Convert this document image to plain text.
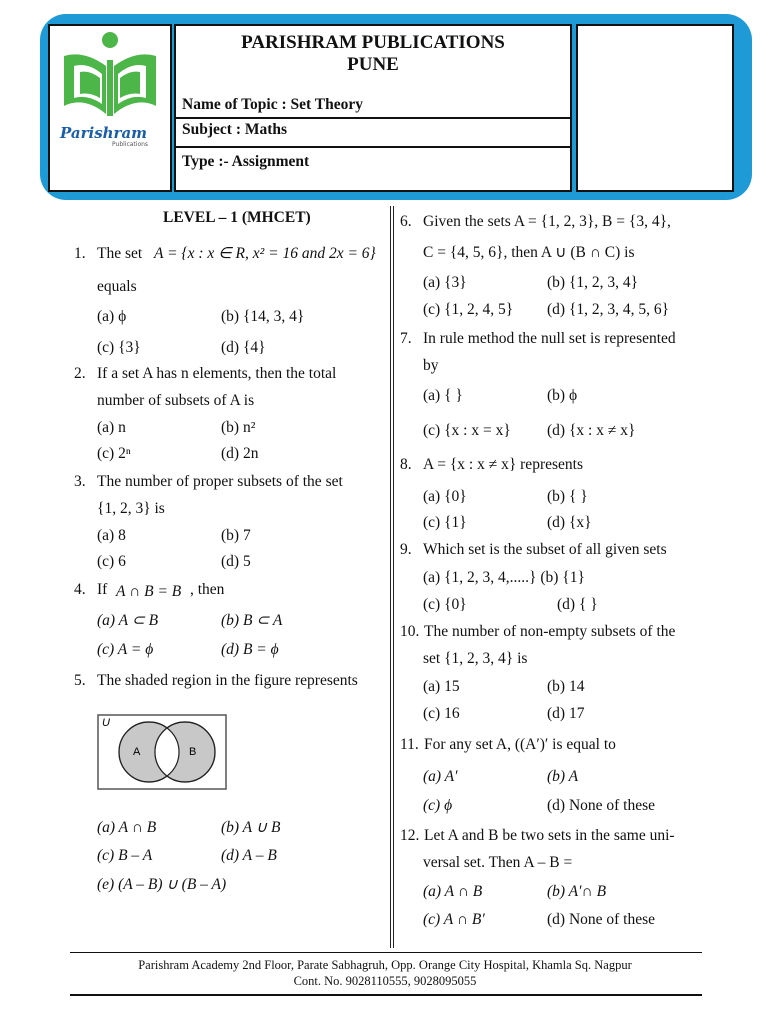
Parishram
Publications
PARISHRAM PUBLICATIONS
PUNE
Name of Topic : Set Theory
Subject : Maths
Type :- Assignment
LEVEL – 1 (MHCET)
1. The set A = {x : x ∈ R, x² = 16 and 2x = 6}
equals
(a) ϕ	(b) {14, 3, 4}
(c) {3}	(d) {4}
2. If a set A has n elements, then the total
number of subsets of A is
(a) n	(b) n²
(c) 2ⁿ	(d) 2n
3. The number of proper subsets of the set
{1, 2, 3} is
(a) 8	(b) 7
(c) 6	(d) 5
4. If A ∩ B = B , then
(a) A ⊂ B	(b) B ⊂ A
(c) A = ϕ	(d) B = ϕ
5. The shaded region in the figure represents
U
A	B
(a) A ∩ B	(b) A ∪ B
(c) B – A	(d) A – B
(e) (A – B) ∪ (B – A)
6. Given the sets A = {1, 2, 3}, B = {3, 4},
C = {4, 5, 6}, then A ∪ (B ∩ C) is
(a) {3}	(b) {1, 2, 3, 4}
(c) {1, 2, 4, 5} (d) {1, 2, 3, 4, 5, 6}
7. In rule method the null set is represented
by
(a) { }	(b) ϕ
(c) {x : x = x} (d) {x : x ≠ x}
8. A = {x : x ≠ x} represents
(a) {0}	(b) { }
(c) {1}	(d) {x}
9. Which set is the subset of all given sets
(a) {1, 2, 3, 4,.....} (b) {1}
(c) {0}	(d) { }
10. The number of non-empty subsets of the
set {1, 2, 3, 4} is
(a) 15	(b) 14
(c) 16	(d) 17
11. For any set A, ((A′)′ is equal to
(a) A′	(b) A
(c) ϕ	(d) None of these
12. Let A and B be two sets in the same uni-
versal set. Then A – B =
(a) A ∩ B	(b) A′∩ B
(c) A ∩ B′	(d) None of these
Parishram Academy 2nd Floor, Parate Sabhagruh, Opp. Orange City Hospital, Khamla Sq. Nagpur
Cont. No. 9028110555, 9028095055
